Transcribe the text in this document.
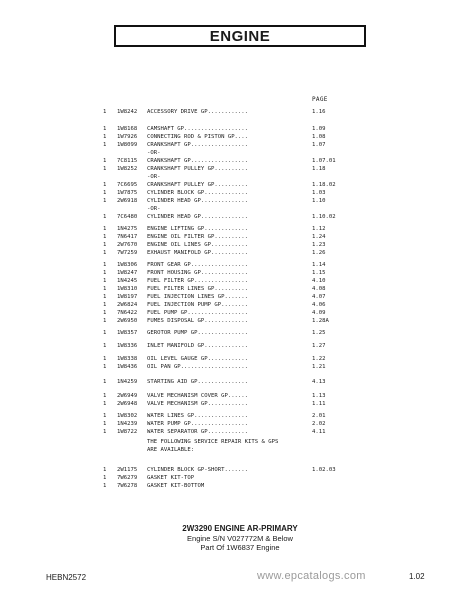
ENGINE
PAGE
1 1W8242 ACCESSORY DRIVE GP............	1.16
1 1W8168 CAMSHAFT GP...................	1.09
1 1W7926 CONNECTING ROD & PISTON GP....	1.08
1 1W8099 CRANKSHAFT GP.................	1.07
-OR-
1 7C8115 CRANKSHAFT GP.................	1.07.01
1 1W8252 CRANKSHAFT PULLEY GP..........	1.18
-OR-
1 7C6695 CRANKSHAFT PULLEY GP..........	1.18.02
1 1W7875 CYLINDER BLOCK GP.............	1.03
1 2W6918 CYLINDER HEAD GP..............	1.10
-OR-
1 7C6480 CYLINDER HEAD GP..............	1.10.02
1 1N4275 ENGINE LIFTING GP.............	1.12
1 7N6417 ENGINE OIL FILTER GP..........	1.24
1 2W7670 ENGINE OIL LINES GP...........	1.23
1 7W7259 EXHAUST MANIFOLD GP...........	1.26
1 1W8306 FRONT GEAR GP.................	1.14
1 1W8247 FRONT HOUSING GP..............	1.15
1 1N4245 FUEL FILTER GP................	4.10
1 1W8310 FUEL FILTER LINES GP..........	4.08
1 1W8197 FUEL INJECTION LINES GP.......	4.07
1 2W6824 FUEL INJECTION PUMP GP........	4.06
1 7N6422 FUEL PUMP GP..................	4.09
1 2W6950 FUMES DISPOSAL GP.............	1.28A
1 1W8357 GEROTOR PUMP GP...............	1.25
1 1W8336 INLET MANIFOLD GP.............	1.27
1 1W8338 OIL LEVEL GAUGE GP............	1.22
1 1W8436 OIL PAN GP....................	1.21
1 1N4259 STARTING AID GP...............	4.13
1 2W6949 VALVE MECHANISM COVER GP......	1.13
1 2W6948 VALVE MECHANISM GP............	1.11
1 1W8302 WATER LINES GP................	2.01
1 1N4239 WATER PUMP GP.................	2.02
1 1W8722 WATER SEPARATOR GP............	4.11
1 2W1175 CYLINDER BLOCK GP-SHORT.......	1.02.03
1 7W6279 GASKET KIT-TOP
1 7W6278 GASKET KIT-BOTTOM
THE FOLLOWING SERVICE REPAIR KITS & GPS
ARE AVAILABLE:
2W3290 ENGINE AR-PRIMARY
Engine S/N V027772M & Below
Part Of 1W6837 Engine
HEBN2572	www.epcatalogs.com	1.02
